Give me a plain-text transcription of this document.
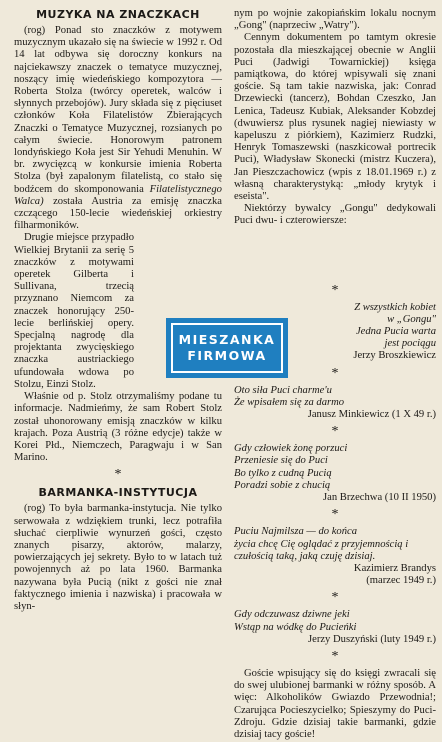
MUZYKA NA ZNACZKACH

(rog) Ponad sto znaczków z motywem muzycznym ukazało się na świecie w 1992 r. Od 14 lat odbywa się doroczny konkurs na najciekawszy znaczek o tematyce muzycznej, noszący imię wiedeńskiego kompozytora — Roberta Stolza (twórcy operetek, walców i słynnych przebojów). Jury składa się z pięciuset członków Koła Filatelistów Zbierających Znaczki o Tematyce Muzycznej, rozsianych po całym świecie. Honorowym patronem londyńskiego Koła jest Sir Yehudi Menuhin. W br. zwycięzcą w konkursie imienia Roberta Stolza (był zapalonym filatelistą, co stało się bodźcem do skomponowania Filatelistycznego Walca) została Austria za emisję znaczka czczącego 150-lecie wiedeńskiej orkiestry filharmoników.

Drugie miejsce przypadło Wielkiej Brytanii za serię 5 znaczków z motywami operetek Gilberta i Sullivana, trzecią przyznano Niemcom za znaczek honorujący 250-lecie berlińskiej opery. Specjalną nagrodę dla projektanta zwycięskiego znaczka austriackiego ufundowała wdowa po Stolzu, Einzi Stolz.

Właśnie od p. Stolz otrzymaliśmy podane tu informacje. Nadmieńmy, że sam Robert Stolz został uhonorowany emisją znaczków w kilku krajach. Poza Austrią (3 różne edycje) także w Korei Płd., Niemczech, Paragwaju i w San Marino.

*
BARMANKA-INSTYTUCJA

(rog) To była barmanka-instytucja. Nie tylko serwowała z wdziękiem trunki, lecz potrafiła słuchać cierpliwie wynurzeń gości, często znanych pisarzy, aktorów, malarzy, powierzających jej sekrety. Było to w latach tuż powojennych aż po lata 1960. Barmanka nazywana była Pucią (nikt z gości nie znał faktycznego imienia i nazwiska) i pracowała w słyn-

MIESZANKA

FIRMOWA

nym po wojnie zakopiańskim lokalu nocnym „Gong" (naprzeciw „Watry").

Cennym dokumentem po tamtym okresie pozostała dla mieszkającej obecnie w Anglii Puci (Jadwigi Towarnickiej) księga pamiątkowa, do której wpisywali się znani goście. Są tam takie nazwiska, jak: Conrad Drzewiecki (tancerz), Bohdan Czeszko, Jan Lenica, Tadeusz Kubiak, Aleksander Kobzdej (dwuwiersz plus rysunek nagiej niewiasty w kapeluszu z piórkiem), Kazimierz Rudzki, Henryk Tomaszewski (naszkicował portrecik Puci), Władysław Skonecki (mistrz Kuczera), Jan Pieszczachowicz (wpis z 18.01.1969 r.) z własną charakterystyką: „młody krytyk i eseista".

Niektórzy bywalcy „Gongu" dedykowali Puci dwu- i czterowiersze:

*
Z wszystkich kobiet
w „Gongu"
Jedna Pucia warta
jest pociągu
Jerzy Broszkiewicz
*
Oto siła Puci charme'u
Że wpisałem się za darmo
Janusz Minkiewicz (1 X 49 r.)
*
Gdy człowiek żonę porzuci
Przeniesie się do Puci
Bo tylko z cudną Pucią
Poradzi sobie z chucią
Jan Brzechwa (10 II 1950)
*
Puciu Najmilsza — do końca
życia chcę Cię oglądać z przyjemnością i czułością taką, jaką czuję dzisiaj.
Kazimierz Brandys
(marzec 1949 r.)
*
Gdy odczuwasz dziwne jeki
Wstąp na wódkę do Pucieńki
Jerzy Duszyński (luty 1949 r.)
*

Goście wpisujący się do księgi zwracali się do swej ulubionej barmanki w różny sposób. A więc: Alkoholików Gwiazdo Przewodnia!; Czarująca Pocieszycielko; Spieszymy do Puci-Zdroju. Gdzie dzisiaj takie barmanki, gdzie dzisiaj tacy goście!
